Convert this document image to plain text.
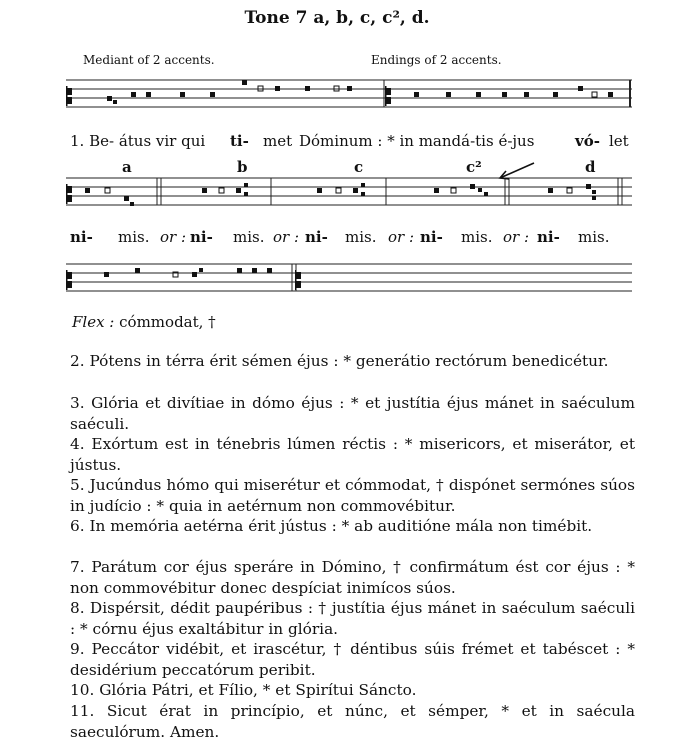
Tone 7 a, b, c, c², d.
Mediant of 2 accents.	Endings of 2 accents.
1. Be- átus vir qui ti- met Dóminum : * in mandá-tis é-jus	vó- let
a	b	c	c²	d
ni- mis. or : ni- mis. or : ni- mis. or : ni- mis. or : ni- mis.
Flex : cómmodat, †
2. Pótens in térra érit sémen éjus : * generátio rectórum benedicétur.
3. Glória et divítiae in dómo éjus : * et justítia éjus mánet in saéculum saéculi.
4. Exórtum est in ténebris lúmen réctis : * misericors, et miserátor, et jústus.
5. Jucúndus hómo qui miserétur et cómmodat, † dispónet sermónes súos in judício : * quia in aetérnum non commovébitur.
6. In memória aetérna érit jústus : * ab auditióne mála non timébit.
7. Parátum cor éjus speráre in Dómino, † confirmátum ést cor éjus : * non commovébitur donec despíciat inimícos súos.
8. Dispérsit, dédit paupéribus : † justítia éjus mánet in saéculum saéculi : * córnu éjus exaltábitur in glória.
9. Peccátor vidébit, et irascétur, † déntibus súis frémet et tabéscet : * desidérium peccatórum peribit.
10. Glória Pátri, et Fílio, * et Spirítui Sáncto.
11. Sicut érat in princípio, et núnc, et sémper, * et in saécula saeculórum. Amen.
